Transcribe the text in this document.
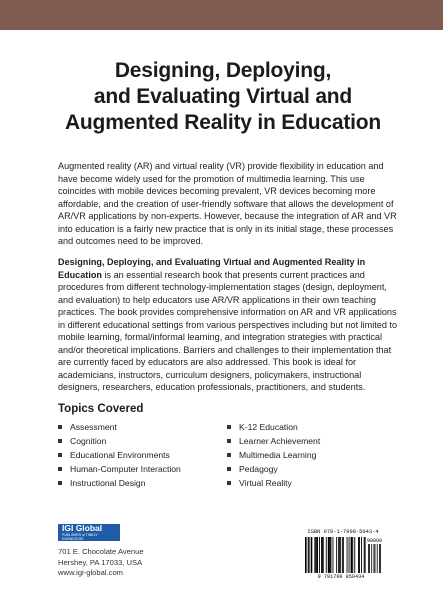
Designing, Deploying,
and Evaluating Virtual and
Augmented Reality in Education

Augmented reality (AR) and virtual reality (VR) provide flexibility in education and have become widely used for the promotion of multimedia learning. This use coincides with mobile devices becoming prevalent, VR devices becoming more affordable, and the creation of user-friendly software that allows the development of AR/VR applications by non-experts. However, because the integration of AR and VR into education is a fairly new practice that is only in its initial stage, these processes and outcomes need to be improved.

Designing, Deploying, and Evaluating Virtual and Augmented Reality in Education is an essential research book that presents current practices and procedures from different technology-implementation stages (design, deployment, and evaluation) to help educators use AR/VR applications in their own teaching practices. The book provides comprehensive information on AR and VR applications in different educational settings from various perspectives including but not limited to mobile learning, formal/informal learning, and integration strategies with practical and/or theoretical implications. Barriers and challenges to their implementation that are currently faced by educators are also addressed. This book is ideal for academicians, instructors, curriculum designers, policymakers, instructional designers, researchers, education professionals, practitioners, and students.

Topics Covered
Assessment
Cognition
Educational Environments
Human-Computer Interaction
Instructional Design
K-12 Education
Learner Achievement
Multimedia Learning
Pedagogy
Virtual Reality
IGI Global
PUBLISHER of TIMELY KNOWLEDGE
701 E. Chocolate Avenue
Hershey, PA 17033, USA
www.igi-global.com
ISBN 978-1-7998-5043-4
90000
9 781799 850434
